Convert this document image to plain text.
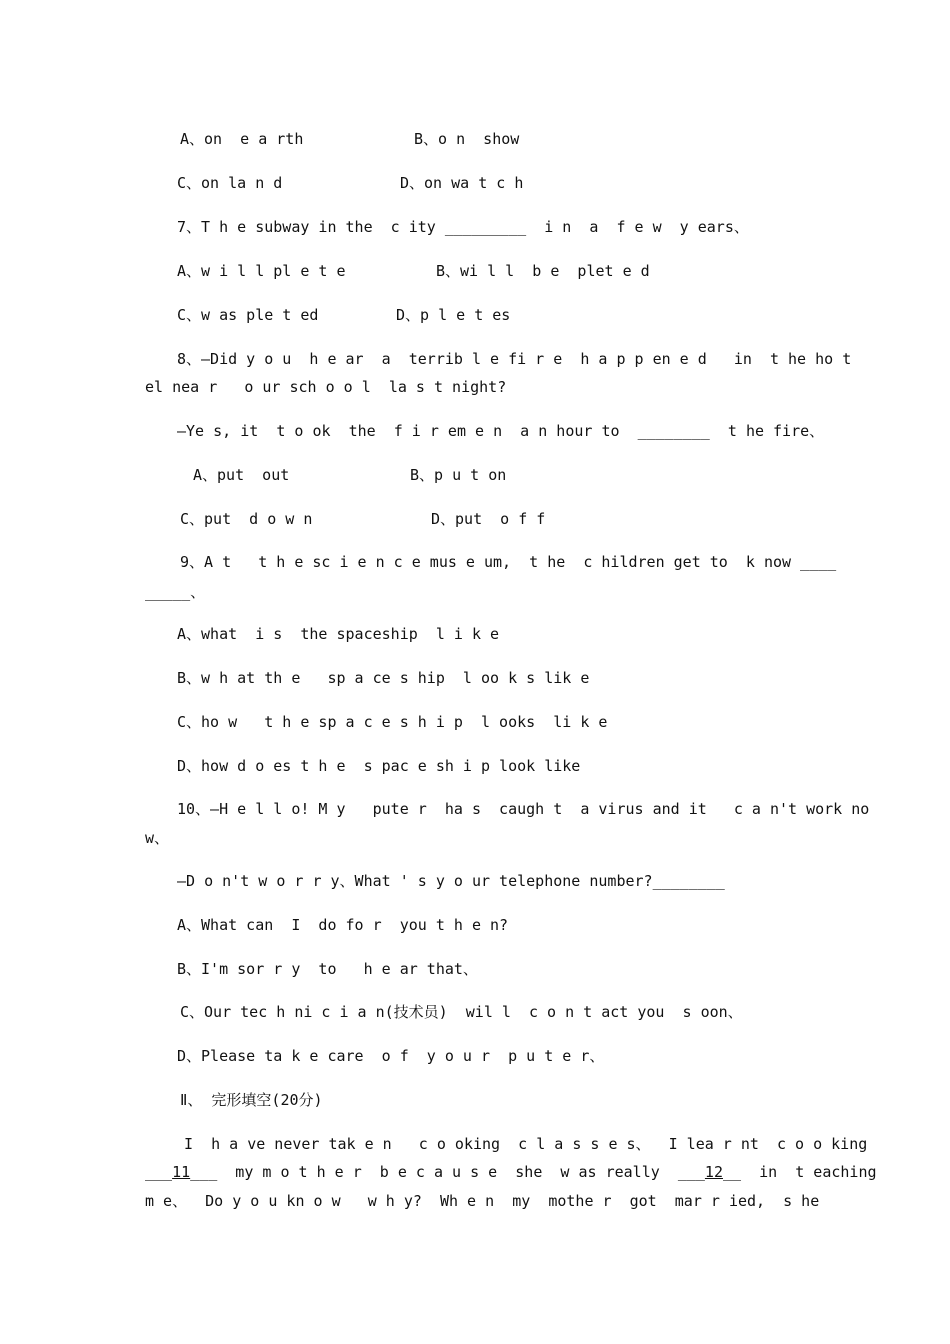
A、on  e a rth	B、o n  show
C、on la n d	D、on wa t c h
7、T h e subway in the  c ity _________  i n  a  f e w  y ears、
A、w i l l pl e t e	B、wi l l  b e  plet e d
C、w as ple t ed	D、p l e t es
8、—Did y o u  h e ar  a  terrib l e fi r e  h a p p en e d   in  t he ho t
el nea r   o ur sch o o l  la s t night?
—Ye s, it  t o ok  the  f i r em e n  a n hour to  ________  t he fire、
A、put  out	B、p u t on
C、put  d o w n	D、put  o f f
9、A t   t h e sc i e n c e mus e um,  t he  c hildren get to  k now ____
_____、
A、what  i s  the spaceship  l i k e
B、w h at th e   sp a ce s hip  l oo k s lik e
C、ho w   t h e sp a c e s h i p  l ooks  li k e
D、how d o es t h e  s pac e sh i p look like
10、—H e l l o! M y   pute r  ha s  caugh t  a virus and it   c a n't work no
w、
—D o n't w o r r y、What ' s y o ur telephone number?________
A、What can  I  do fo r  you t h e n?
B、I'm sor r y  to   h e ar that、
C、Our tec h ni c i a n(技术员)  wil l  c o n t act you  s oon、
D、Please ta k e care  o f  y o u r  p u t e r、
Ⅱ、 完形填空(20分)
I  h a ve never tak e n   c o oking  c l a s s e s、  I lea r nt  c o o king
___11___  my m o t h e r  b e c a u s e  she  w as really  ___12__  in  t eaching
m e、  Do y o u kn o w   w h y?  Wh e n  my  mothe r  got  mar r ied,  s he
